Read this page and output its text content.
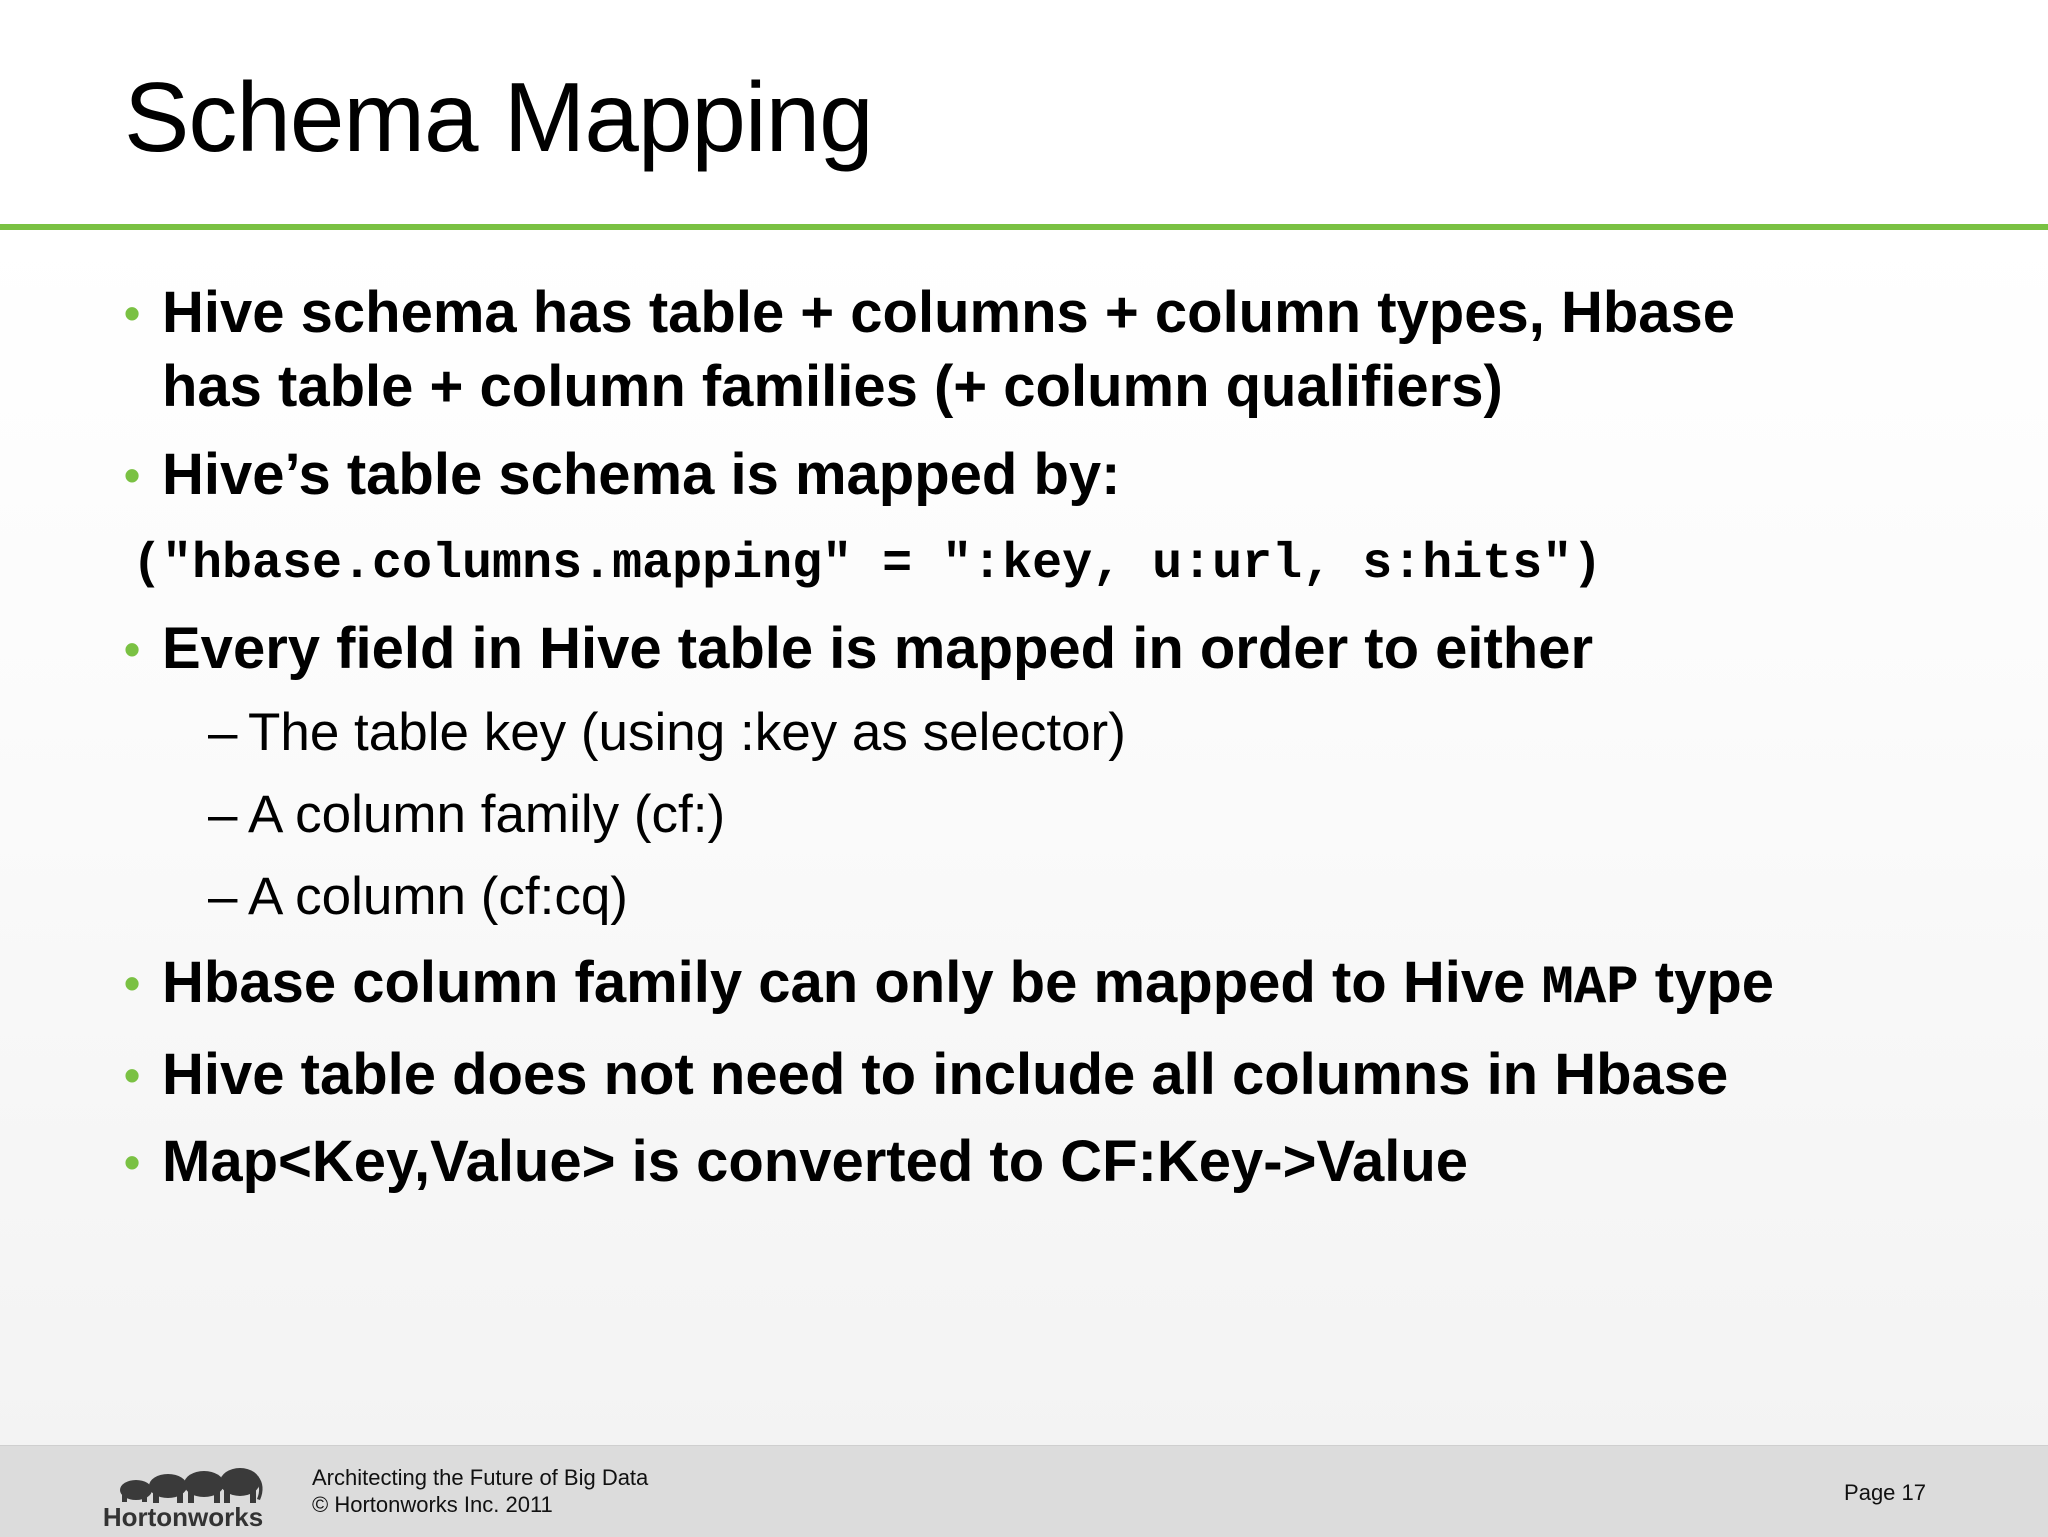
Schema Mapping
• Hive schema has table + columns + column types, Hbase
has table + column families (+ column qualifiers)
• Hive’s table schema is mapped by:
("hbase.columns.mapping" = ":key, u:url, s:hits")
• Every field in Hive table is mapped in order to either
– The table key (using :key as selector)
– A column family (cf:)
– A column (cf:cq)
• Hbase column family can only be mapped to Hive MAP type
• Hive table does not need to include all columns in Hbase
• Map<Key,Value> is converted to CF:Key->Value
Hortonworks
Architecting the Future of Big Data
© Hortonworks Inc. 2011	Page 17
